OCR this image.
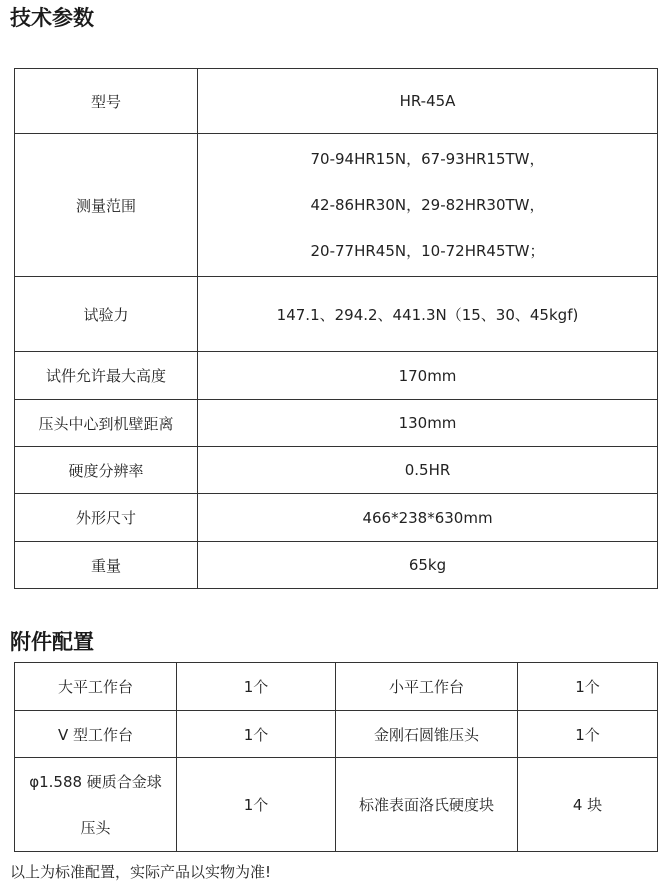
技术参数
型号	HR-45A
测量范围	70-94HR15N，67-93HR15TW，
42-86HR30N，29-82HR30TW，
20-77HR45N，10-72HR45TW；

试验力	147.1、294.2、441.3N（15、30、45kgf)
试件允许最大高度	170mm
压头中心到机壁距离	130mm
硬度分辨率	0.5HR
外形尺寸	466*238*630mm
重量	65kg
附件配置
大平工作台	1个	小平工作台	1个
V 型工作台	1个	金刚石圆锥压头	1个

φ1.588 硬质合金球
压头	1个	标准表面洛氏硬度块	4 块

以上为标准配置，实际产品以实物为准!
